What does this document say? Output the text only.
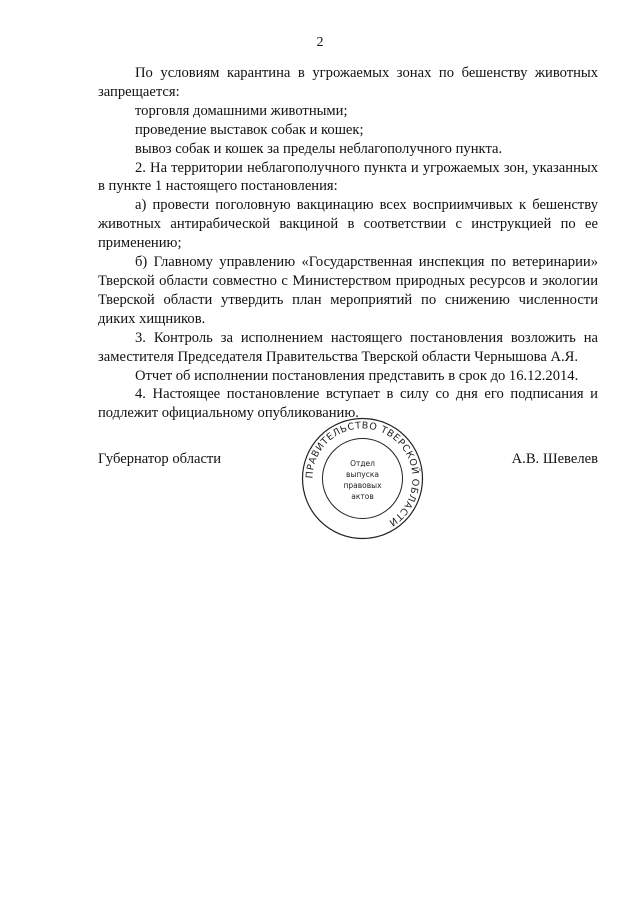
2

По условиям карантина в угрожаемых зонах по бешенству животных запрещается:

торговля домашними животными;

проведение выставок собак и кошек;

вывоз собак и кошек за пределы неблагополучного пункта.

2. На территории неблагополучного пункта и угрожаемых зон, указанных в пункте 1 настоящего постановления:

а) провести поголовную вакцинацию всех восприимчивых к бешенству животных антирабической вакциной в соответствии с инструкцией по ее применению;

б) Главному управлению «Государственная инспекция по ветеринарии» Тверской области совместно с Министерством природных ресурсов и экологии Тверской области утвердить план мероприятий по снижению численности диких хищников.

3. Контроль за исполнением настоящего постановления возложить на заместителя Председателя Правительства Тверской области Чернышова А.Я.

Отчет об исполнении постановления представить в срок до 16.12.2014.

4. Настоящее постановление вступает в силу со дня его подписания и подлежит официальному опубликованию.

Губернатор области	А.В. Шевелев
ПРАВИТЕЛЬСТВО ТВЕРСКОЙ ОБЛАСТИ
Отдел
выпуска
правовых
актов
